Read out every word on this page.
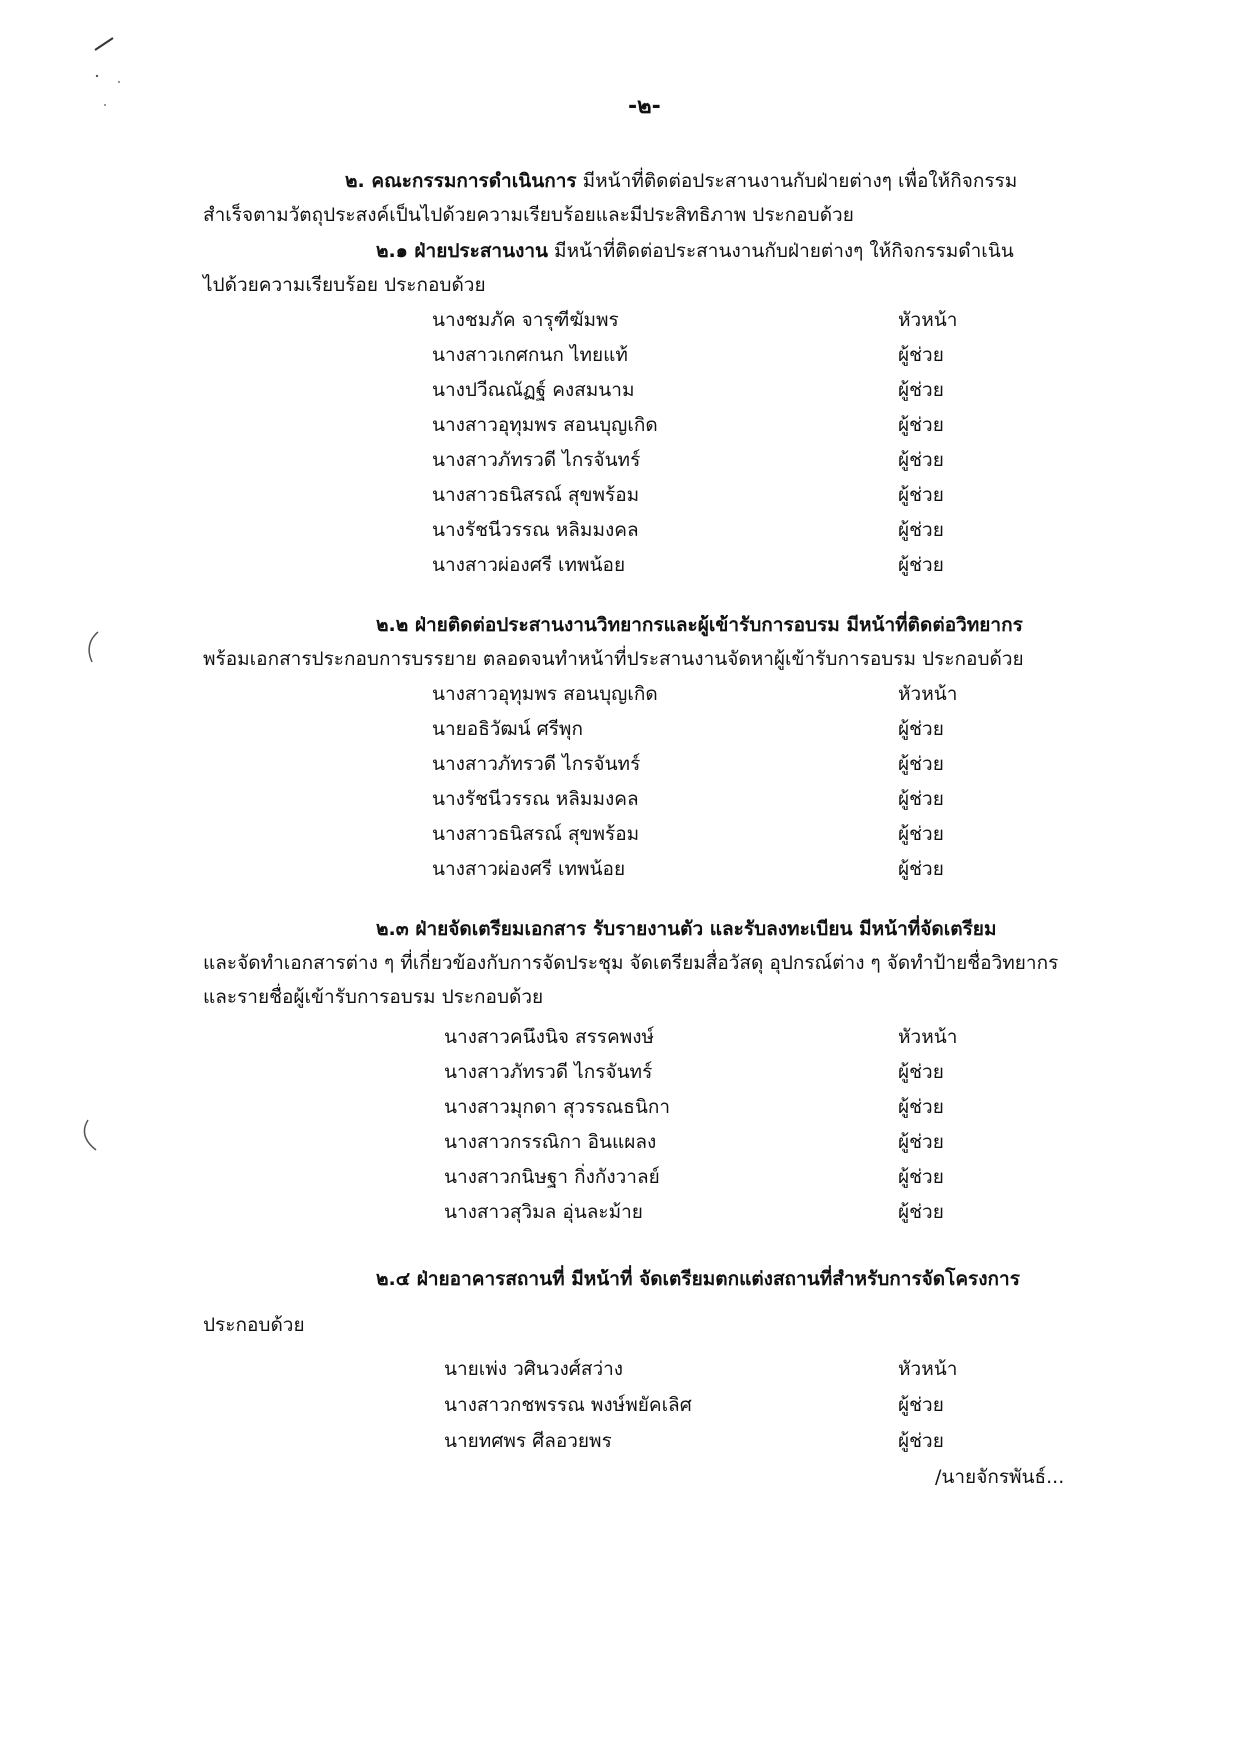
-๒-
๒. คณะกรรมการดำเนินการ มีหน้าที่ติดต่อประสานงานกับฝ่ายต่างๆ เพื่อให้กิจกรรม
สำเร็จตามวัตถุประสงค์เป็นไปด้วยความเรียบร้อยและมีประสิทธิภาพ ประกอบด้วย
๒.๑ ฝ่ายประสานงาน มีหน้าที่ติดต่อประสานงานกับฝ่ายต่างๆ ให้กิจกรรมดำเนิน
ไปด้วยความเรียบร้อย ประกอบด้วย
นางชมภัค จารุฑีฆัมพร	หัวหน้า
นางสาวเกศกนก ไทยแท้	ผู้ช่วย
นางปวีณณัฏฐ์ คงสมนาม	ผู้ช่วย
นางสาวอุทุมพร สอนบุญเกิด	ผู้ช่วย
นางสาวภัทรวดี ไกรจันทร์	ผู้ช่วย
นางสาวธนิสรณ์ สุขพร้อม	ผู้ช่วย
นางรัชนีวรรณ หลิมมงคล	ผู้ช่วย
นางสาวผ่องศรี เทพน้อย	ผู้ช่วย
๒.๒ ฝ่ายติดต่อประสานงานวิทยากรและผู้เข้ารับการอบรม มีหน้าที่ติดต่อวิทยากร
พร้อมเอกสารประกอบการบรรยาย ตลอดจนทำหน้าที่ประสานงานจัดหาผู้เข้ารับการอบรม ประกอบด้วย
นางสาวอุทุมพร สอนบุญเกิด	หัวหน้า
นายอธิวัฒน์ ศรีพุก	ผู้ช่วย
นางสาวภัทรวดี ไกรจันทร์	ผู้ช่วย
นางรัชนีวรรณ หลิมมงคล	ผู้ช่วย
นางสาวธนิสรณ์ สุขพร้อม	ผู้ช่วย
นางสาวผ่องศรี เทพน้อย	ผู้ช่วย
๒.๓ ฝ่ายจัดเตรียมเอกสาร รับรายงานตัว และรับลงทะเบียน มีหน้าที่จัดเตรียม
และจัดทำเอกสารต่าง ๆ ที่เกี่ยวข้องกับการจัดประชุม จัดเตรียมสื่อวัสดุ อุปกรณ์ต่าง ๆ จัดทำป้ายชื่อวิทยากร
และรายชื่อผู้เข้ารับการอบรม ประกอบด้วย
นางสาวคนึงนิจ สรรคพงษ์	หัวหน้า
นางสาวภัทรวดี ไกรจันทร์	ผู้ช่วย
นางสาวมุกดา สุวรรณธนิกา	ผู้ช่วย
นางสาวกรรณิกา อินแผลง	ผู้ช่วย
นางสาวกนิษฐา กิ่งกังวาลย์	ผู้ช่วย
นางสาวสุวิมล อุ่นละม้าย	ผู้ช่วย
๒.๔ ฝ่ายอาคารสถานที่ มีหน้าที่ จัดเตรียมตกแต่งสถานที่สำหรับการจัดโครงการ
ประกอบด้วย
นายเพ่ง วศินวงศ์สว่าง	หัวหน้า
นางสาวกชพรรณ พงษ์พยัคเลิศ	ผู้ช่วย
นายทศพร ศีลอวยพร	ผู้ช่วย
/นายจักรพันธ์...
